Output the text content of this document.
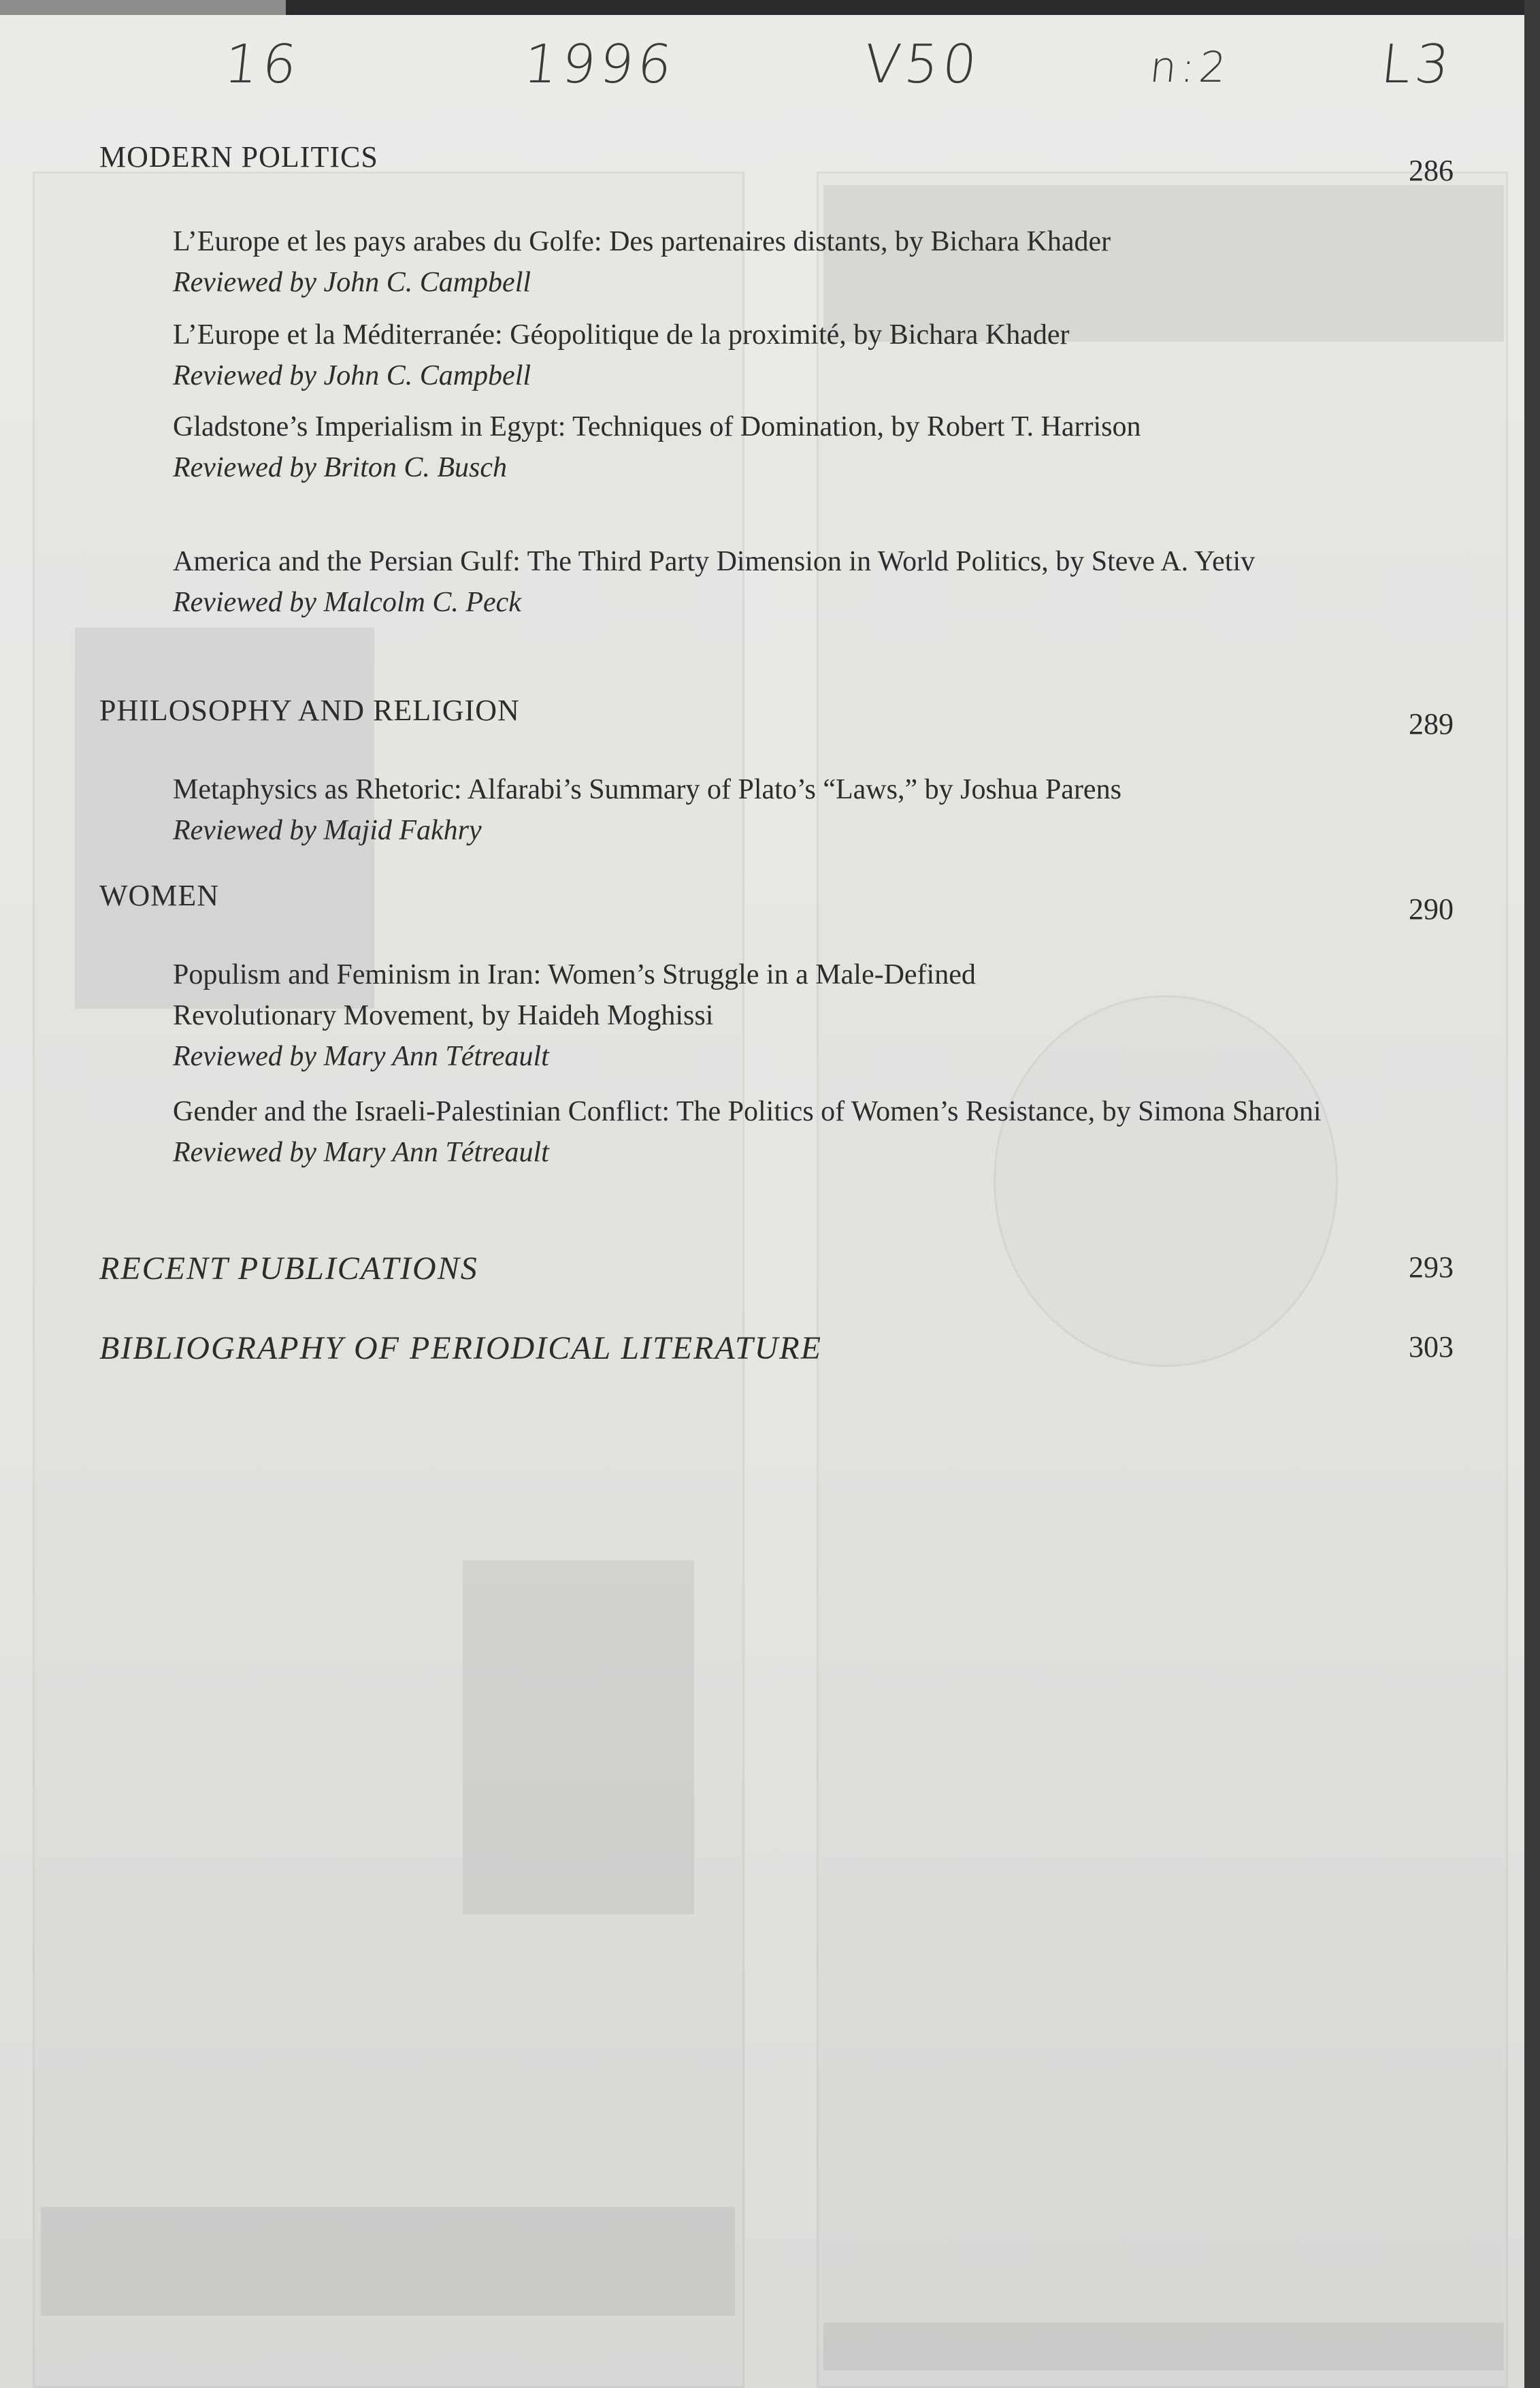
16	1996	V50	n:2	L3
MODERN POLITICS	286
L’Europe et les pays arabes du Golfe: Des partenaires distants, by Bichara Khader
Reviewed by John C. Campbell
L’Europe et la Méditerranée: Géopolitique de la proximité, by Bichara Khader
Reviewed by John C. Campbell
Gladstone’s Imperialism in Egypt: Techniques of Domination, by Robert T. Harrison
Reviewed by Briton C. Busch
America and the Persian Gulf: The Third Party Dimension in World Politics, by Steve A. Yetiv
Reviewed by Malcolm C. Peck
PHILOSOPHY AND RELIGION	289
Metaphysics as Rhetoric: Alfarabi’s Summary of Plato’s “Laws,” by Joshua Parens
Reviewed by Majid Fakhry
WOMEN	290
Populism and Feminism in Iran: Women’s Struggle in a Male-Defined
Revolutionary Movement, by Haideh Moghissi
Reviewed by Mary Ann Tétreault
Gender and the Israeli-Palestinian Conflict: The Politics of Women’s Resistance, by Simona Sharoni
Reviewed by Mary Ann Tétreault
RECENT PUBLICATIONS	293
BIBLIOGRAPHY OF PERIODICAL LITERATURE	303
